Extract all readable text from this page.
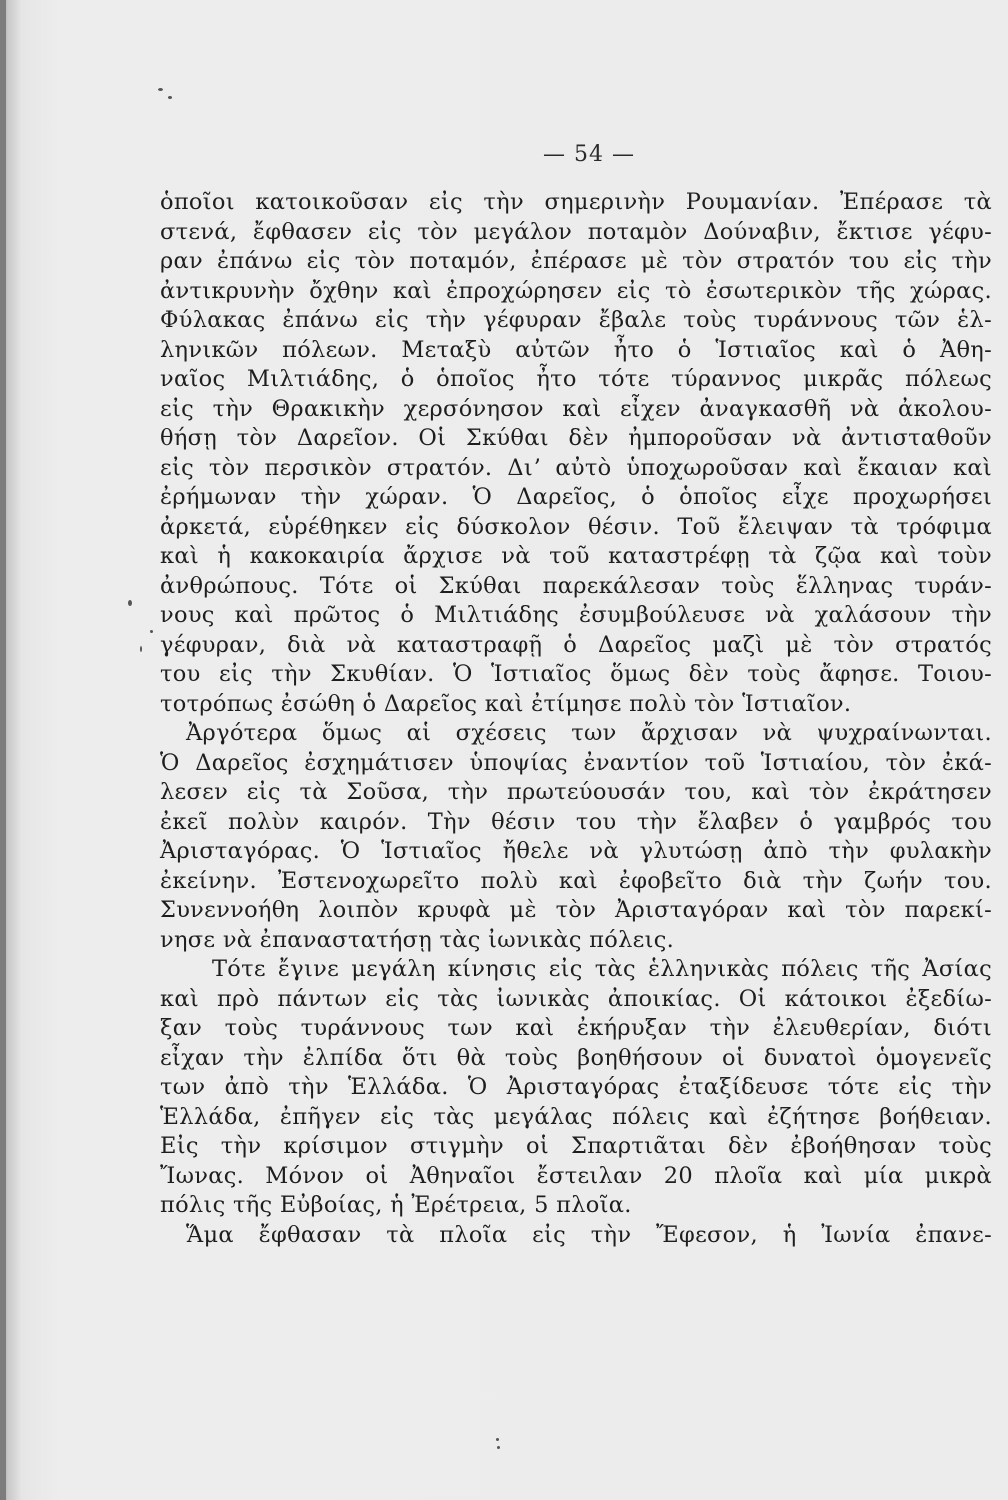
— 54 —
ὁποῖοι κατοικοῦσαν εἰς τὴν σημερινὴν Ρουμανίαν. Ἐπέρασε τὰ
στενά, ἔφθασεν εἰς τὸν μεγάλον ποταμὸν Δούναβιν, ἔκτισε γέφυ-
ραν ἐπάνω εἰς τὸν ποταμόν, ἐπέρασε μὲ τὸν στρατόν του εἰς τὴν
ἀντικρυνὴν ὄχθην καὶ ἐπροχώρησεν εἰς τὸ ἐσωτερικὸν τῆς χώρας.
Φύλακας ἐπάνω εἰς τὴν γέφυραν ἔβαλε τοὺς τυράννους τῶν ἑλ-
ληνικῶν πόλεων. Μεταξὺ αὐτῶν ἦτο ὁ Ἱστιαῖος καὶ ὁ Ἀθη-
ναῖος Μιλτιάδης, ὁ ὁποῖος ἦτο τότε τύραννος μικρᾶς πόλεως
εἰς τὴν Θρακικὴν χερσόνησον καὶ εἶχεν ἀναγκασθῆ νὰ ἀκολου-
θήσῃ τὸν Δαρεῖον. Οἱ Σκύθαι δὲν ἠμποροῦσαν νὰ ἀντισταθοῦν
εἰς τὸν περσικὸν στρατόν. Διʼ αὐτὸ ὑποχωροῦσαν καὶ ἔκαιαν καὶ
ἐρήμωναν τὴν χώραν. Ὁ Δαρεῖος, ὁ ὁποῖος εἶχε προχωρήσει
ἀρκετά, εὑρέθηκεν εἰς δύσκολον θέσιν. Τοῦ ἔλειψαν τὰ τρόφιμα
καὶ ἡ κακοκαιρία ἄρχισε νὰ τοῦ καταστρέφῃ τὰ ζῷα καὶ τοὺν
ἀνθρώπους. Τότε οἱ Σκύθαι παρεκάλεσαν τοὺς ἕλληνας τυράν-
νους καὶ πρῶτος ὁ Μιλτιάδης ἐσυμβούλευσε νὰ χαλάσουν τὴν
γέφυραν, διὰ νὰ καταστραφῇ ὁ Δαρεῖος μαζὶ μὲ τὸν στρατός
του εἰς τὴν Σκυθίαν. Ὁ Ἱστιαῖος ὅμως δὲν τοὺς ἄφησε. Τοιου-
τοτρόπως ἐσώθη ὁ Δαρεῖος καὶ ἐτίμησε πολὺ τὸν Ἱστιαῖον.
Ἀργότερα ὅμως αἱ σχέσεις των ἄρχισαν νὰ ψυχραίνωνται.
Ὁ Δαρεῖος ἐσχημάτισεν ὑποψίας ἐναντίον τοῦ Ἱστιαίου, τὸν ἐκά-
λεσεν εἰς τὰ Σοῦσα, τὴν πρωτεύουσάν του, καὶ τὸν ἐκράτησεν
ἐκεῖ πολὺν καιρόν. Τὴν θέσιν του τὴν ἔλαβεν ὁ γαμβρός του
Ἀρισταγόρας. Ὁ Ἱστιαῖος ἤθελε νὰ γλυτώσῃ ἀπὸ τὴν φυλακὴν
ἐκείνην. Ἐστενοχωρεῖτο πολὺ καὶ ἐφοβεῖτο διὰ τὴν ζωήν του.
Συνεννοήθη λοιπὸν κρυφὰ μὲ τὸν Ἀρισταγόραν καὶ τὸν παρεκί-
νησε νὰ ἐπαναστατήσῃ τὰς ἰωνικὰς πόλεις.
Τότε ἔγινε μεγάλη κίνησις εἰς τὰς ἑλληνικὰς πόλεις τῆς Ἀσίας
καὶ πρὸ πάντων εἰς τὰς ἰωνικὰς ἀποικίας. Οἱ κάτοικοι ἐξεδίω-
ξαν τοὺς τυράννους των καὶ ἐκήρυξαν τὴν ἐλευθερίαν, διότι
εἶχαν τὴν ἐλπίδα ὅτι θὰ τοὺς βοηθήσουν οἱ δυνατοὶ ὁμογενεῖς
των ἀπὸ τὴν Ἑλλάδα. Ὁ Ἀρισταγόρας ἐταξίδευσε τότε εἰς τὴν
Ἑλλάδα, ἐπῆγεν εἰς τὰς μεγάλας πόλεις καὶ ἐζήτησε βοήθειαν.
Εἰς τὴν κρίσιμον στιγμὴν οἱ Σπαρτιᾶται δὲν ἐβοήθησαν τοὺς
Ἴωνας. Μόνον οἱ Ἀθηναῖοι ἔστειλαν 20 πλοῖα καὶ μία μικρὰ
πόλις τῆς Εὐβοίας, ἡ Ἐρέτρεια, 5 πλοῖα.
Ἅμα ἔφθασαν τὰ πλοῖα εἰς τὴν Ἔφεσον, ἡ Ἰωνία ἐπανε-
